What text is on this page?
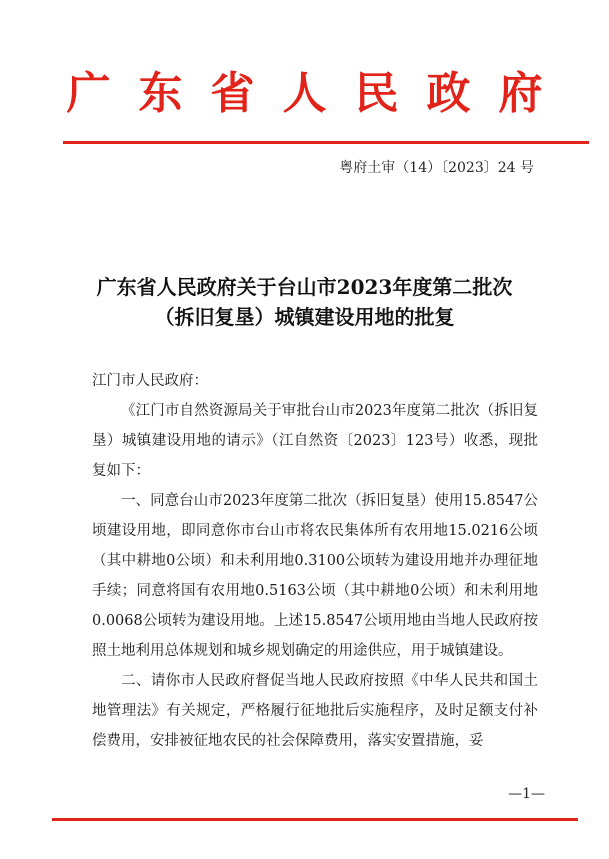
广东省人民政府
粤府土审（14）〔2023〕24 号
广东省人民政府关于台山市2023年度第二批次
（拆旧复垦）城镇建设用地的批复

江门市人民政府：

《江门市自然资源局关于审批台山市2023年度第二批次（拆旧复垦）城镇建设用地的请示》（江自然资〔2023〕123号）收悉，现批复如下：

一、同意台山市2023年度第二批次（拆旧复垦）使用15.8547公顷建设用地，即同意你市台山市将农民集体所有农用地15.0216公顷（其中耕地0公顷）和未利用地0.3100公顷转为建设用地并办理征地手续；同意将国有农用地0.5163公顷（其中耕地0公顷）和未利用地0.0068公顷转为建设用地。上述15.8547公顷用地由当地人民政府按照土地利用总体规划和城乡规划确定的用途供应，用于城镇建设。

二、请你市人民政府督促当地人民政府按照《中华人民共和国土地管理法》有关规定，严格履行征地批后实施程序，及时足额支付补偿费用，安排被征地农民的社会保障费用，落实安置措施，妥

—1—
